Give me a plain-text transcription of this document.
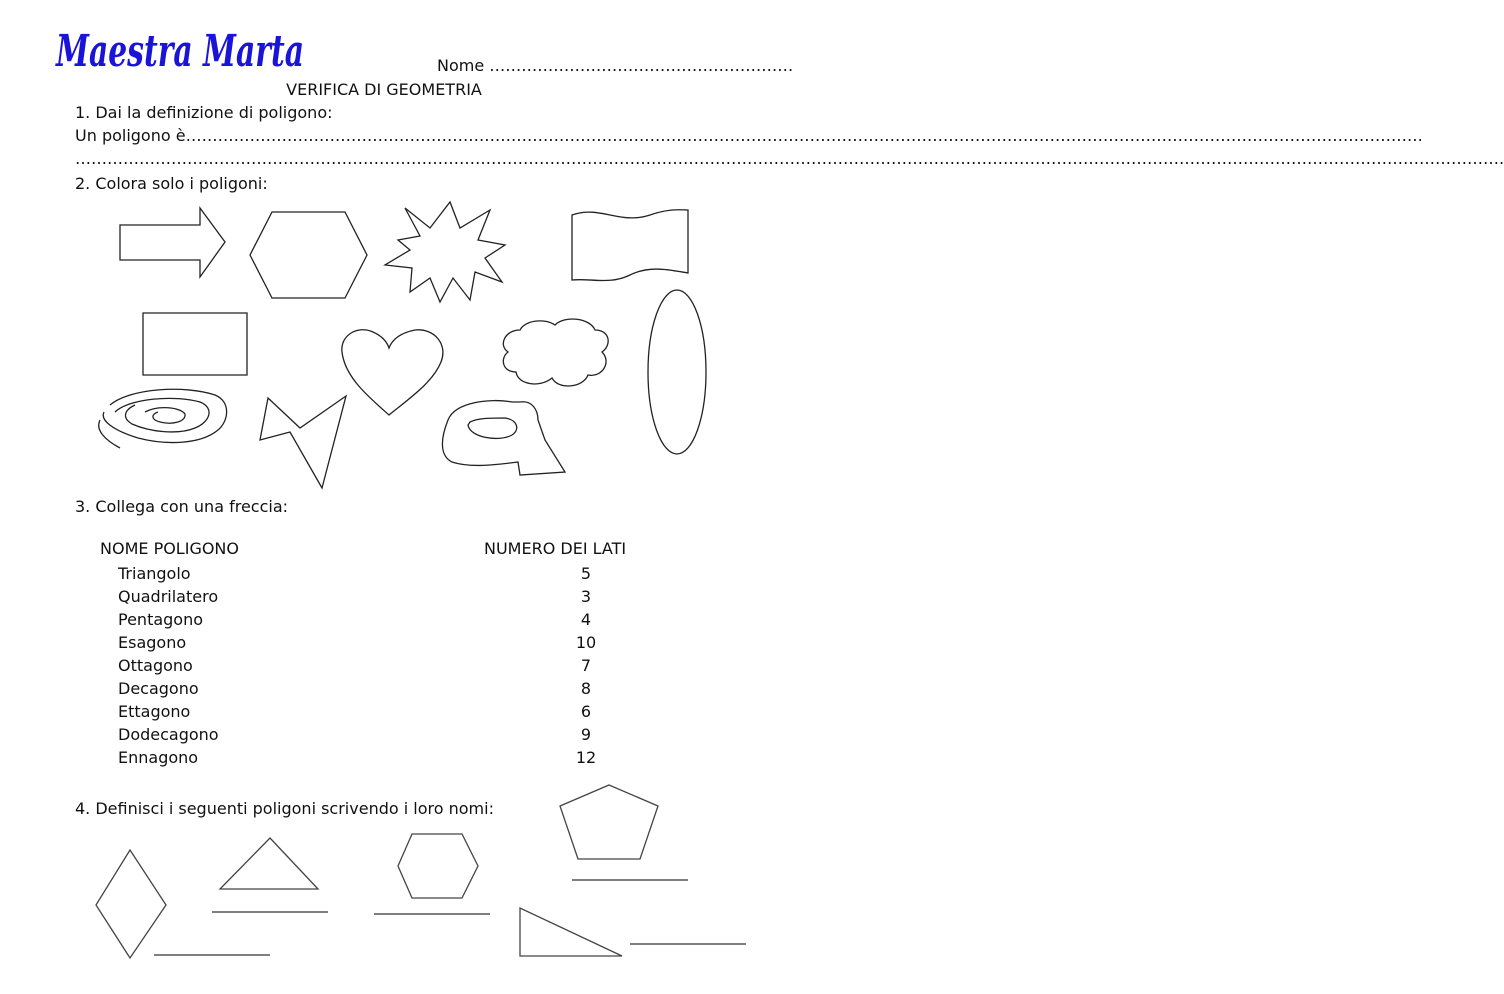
Maestra Marta	Nome …………………………………………………
VERIFICA DI GEOMETRIA
1. Dai la definizione di poligono:
Un poligono è…………………………………………………………………………………………………………………………………………………………………………………………………………….
…………………………………………………………………………………………………………………………………………………………………………………………………………………………………………….
2. Colora solo i poligoni:
3. Collega con una freccia:
NOME POLIGONO	NUMERO DEI LATI
Triangolo
Quadrilatero
Pentagono
Esagono
Ottagono
Decagono
Ettagono
Dodecagono
Ennagono
5
3
4
10
7
8
6
9
12
4. Definisci i seguenti poligoni scrivendo i loro nomi:
